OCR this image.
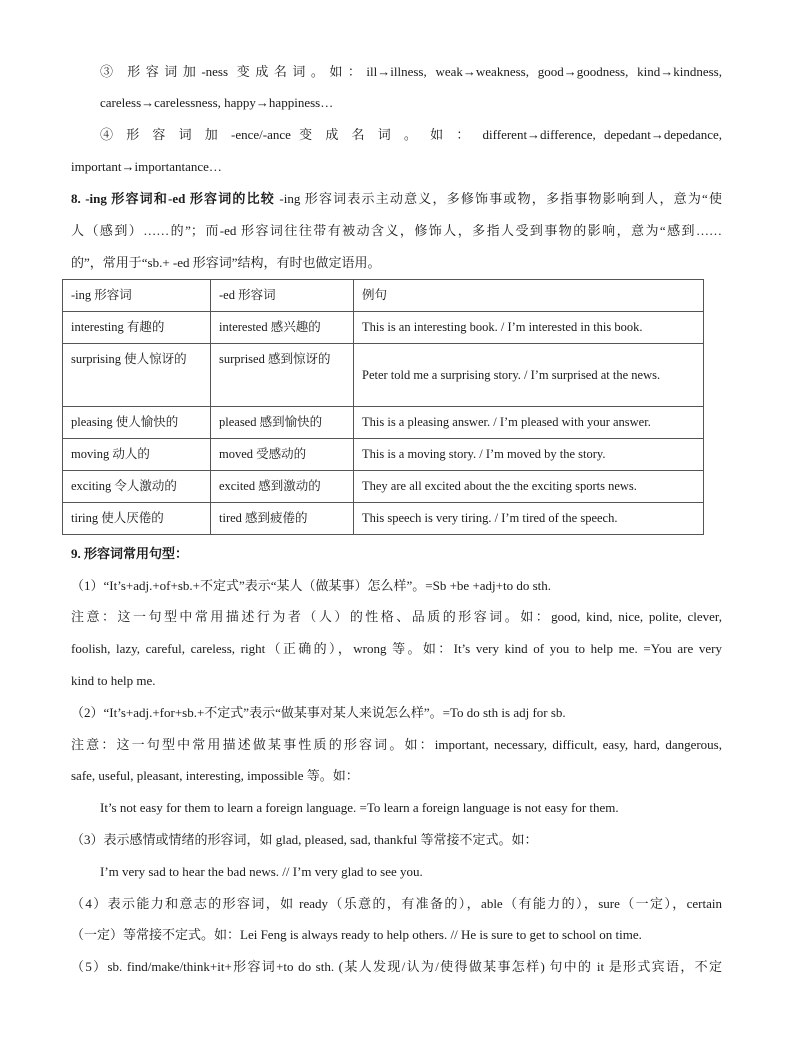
③ 形容词加-ness 变成名词。如：ill→illness, weak→weakness, good→goodness, kind→kindness,
careless→carelessness, happy→happiness…
④ 形 容 词 加 -ence/-ance 变 成 名 词 。 如 ： different→difference, depedant→depedance,
important→importantance…
8. -ing 形容词和-ed 形容词的比较 -ing 形容词表示主动意义，多修饰事或物，多指事物影响到人，意为“使
人（感到）……的”；而-ed 形容词往往带有被动含义，修饰人，多指人受到事物的影响，意为“感到……
的”，常用于“sb.+ -ed 形容词”结构，有时也做定语用。
-ing 形容词	-ed 形容词	例句
interesting 有趣的	interested 感兴趣的	This is an interesting book. / I’m interested in this book.
surprising 使人惊讶的	surprised 感到惊讶的	Peter told me a surprising story. / I’m surprised at the news.

pleasing 使人愉快的	pleased 感到愉快的	This is a pleasing answer. / I’m pleased with your answer.
moving 动人的	moved 受感动的	This is a moving story. / I’m moved by the story.
exciting 令人激动的	excited 感到激动的	They are all excited about the the exciting sports news.
tiring 使人厌倦的	tired 感到疲倦的	This speech is very tiring. / I’m tired of the speech.
9. 形容词常用句型：
（1）“It’s+adj.+of+sb.+不定式”表示“某人（做某事）怎么样”。=Sb +be +adj+to do sth.
注意：这一句型中常用描述行为者（人）的性格、品质的形容词。如：good, kind, nice, polite, clever,
foolish, lazy, careful, careless, right（正确的），wrong 等。如：It’s very kind of you to help me. =You are very
kind to help me.
（2）“It’s+adj.+for+sb.+不定式”表示“做某事对某人来说怎么样”。=To do sth is adj for sb.
注意：这一句型中常用描述做某事性质的形容词。如：important, necessary, difficult, easy, hard, dangerous,
safe, useful, pleasant, interesting, impossible 等。如：
It’s not easy for them to learn a foreign language. =To learn a foreign language is not easy for them.
（3）表示感情或情绪的形容词，如 glad, pleased, sad, thankful 等常接不定式。如：
I’m very sad to hear the bad news. // I’m very glad to see you.
（4）表示能力和意志的形容词，如 ready（乐意的，有准备的），able（有能力的），sure（一定），certain
（一定）等常接不定式。如：Lei Feng is always ready to help others. // He is sure to get to school on time.
（5）sb. find/make/think+it+形容词+to do sth. (某人发现/认为/使得做某事怎样) 句中的 it 是形式宾语，不定
